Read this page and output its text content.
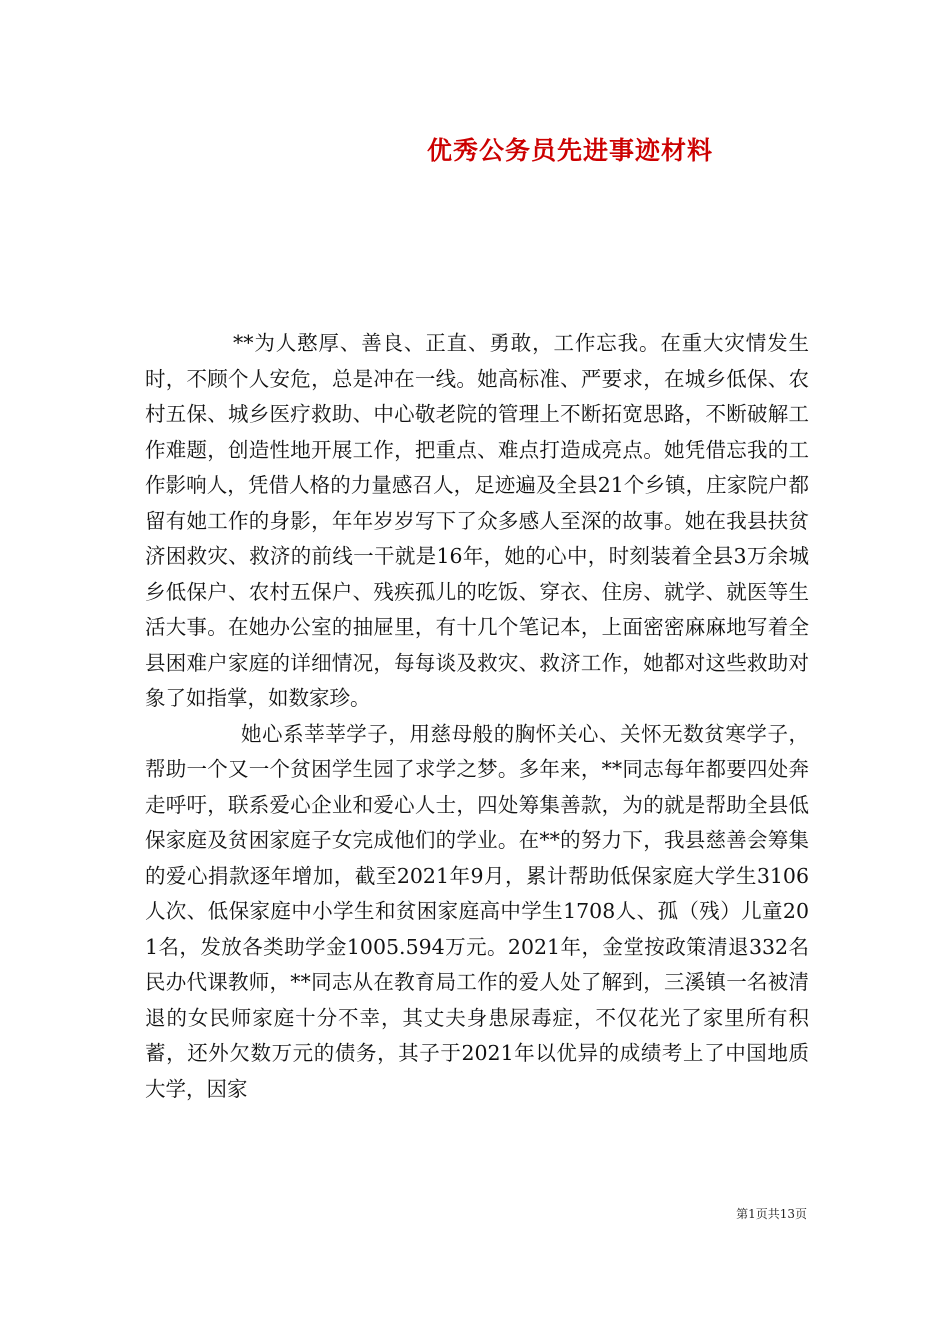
优秀公务员先进事迹材料

**为人憨厚、善良、正直、勇敢，工作忘我。在重大灾情发生时，不顾个人安危，总是冲在一线。她高标准、严要求，在城乡低保、农村五保、城乡医疗救助、中心敬老院的管理上不断拓宽思路，不断破解工作难题，创造性地开展工作，把重点、难点打造成亮点。她凭借忘我的工作影响人，凭借人格的力量感召人，足迹遍及全县21个乡镇，庄家院户都留有她工作的身影，年年岁岁写下了众多感人至深的故事。她在我县扶贫济困救灾、救济的前线一干就是16年，她的心中，时刻装着全县3万余城乡低保户、农村五保户、残疾孤儿的吃饭、穿衣、住房、就学、就医等生活大事。在她办公室的抽屉里，有十几个笔记本，上面密密麻麻地写着全县困难户家庭的详细情况，每每谈及救灾、救济工作，她都对这些救助对象了如指掌，如数家珍。

她心系莘莘学子，用慈母般的胸怀关心、关怀无数贫寒学子，帮助一个又一个贫困学生园了求学之梦。多年来，**同志每年都要四处奔走呼吁，联系爱心企业和爱心人士，四处筹集善款，为的就是帮助全县低保家庭及贫困家庭子女完成他们的学业。在**的努力下，我县慈善会筹集的爱心捐款逐年增加，截至2021年9月，累计帮助低保家庭大学生3106人次、低保家庭中小学生和贫困家庭高中学生1708人、孤（残）儿童201名，发放各类助学金1005.594万元。2021年，金堂按政策清退332名民办代课教师，**同志从在教育局工作的爱人处了解到，三溪镇一名被清退的女民师家庭十分不幸，其丈夫身患尿毒症，不仅花光了家里所有积蓄，还外欠数万元的债务，其子于2021年以优异的成绩考上了中国地质大学，因家

第1页共13页
